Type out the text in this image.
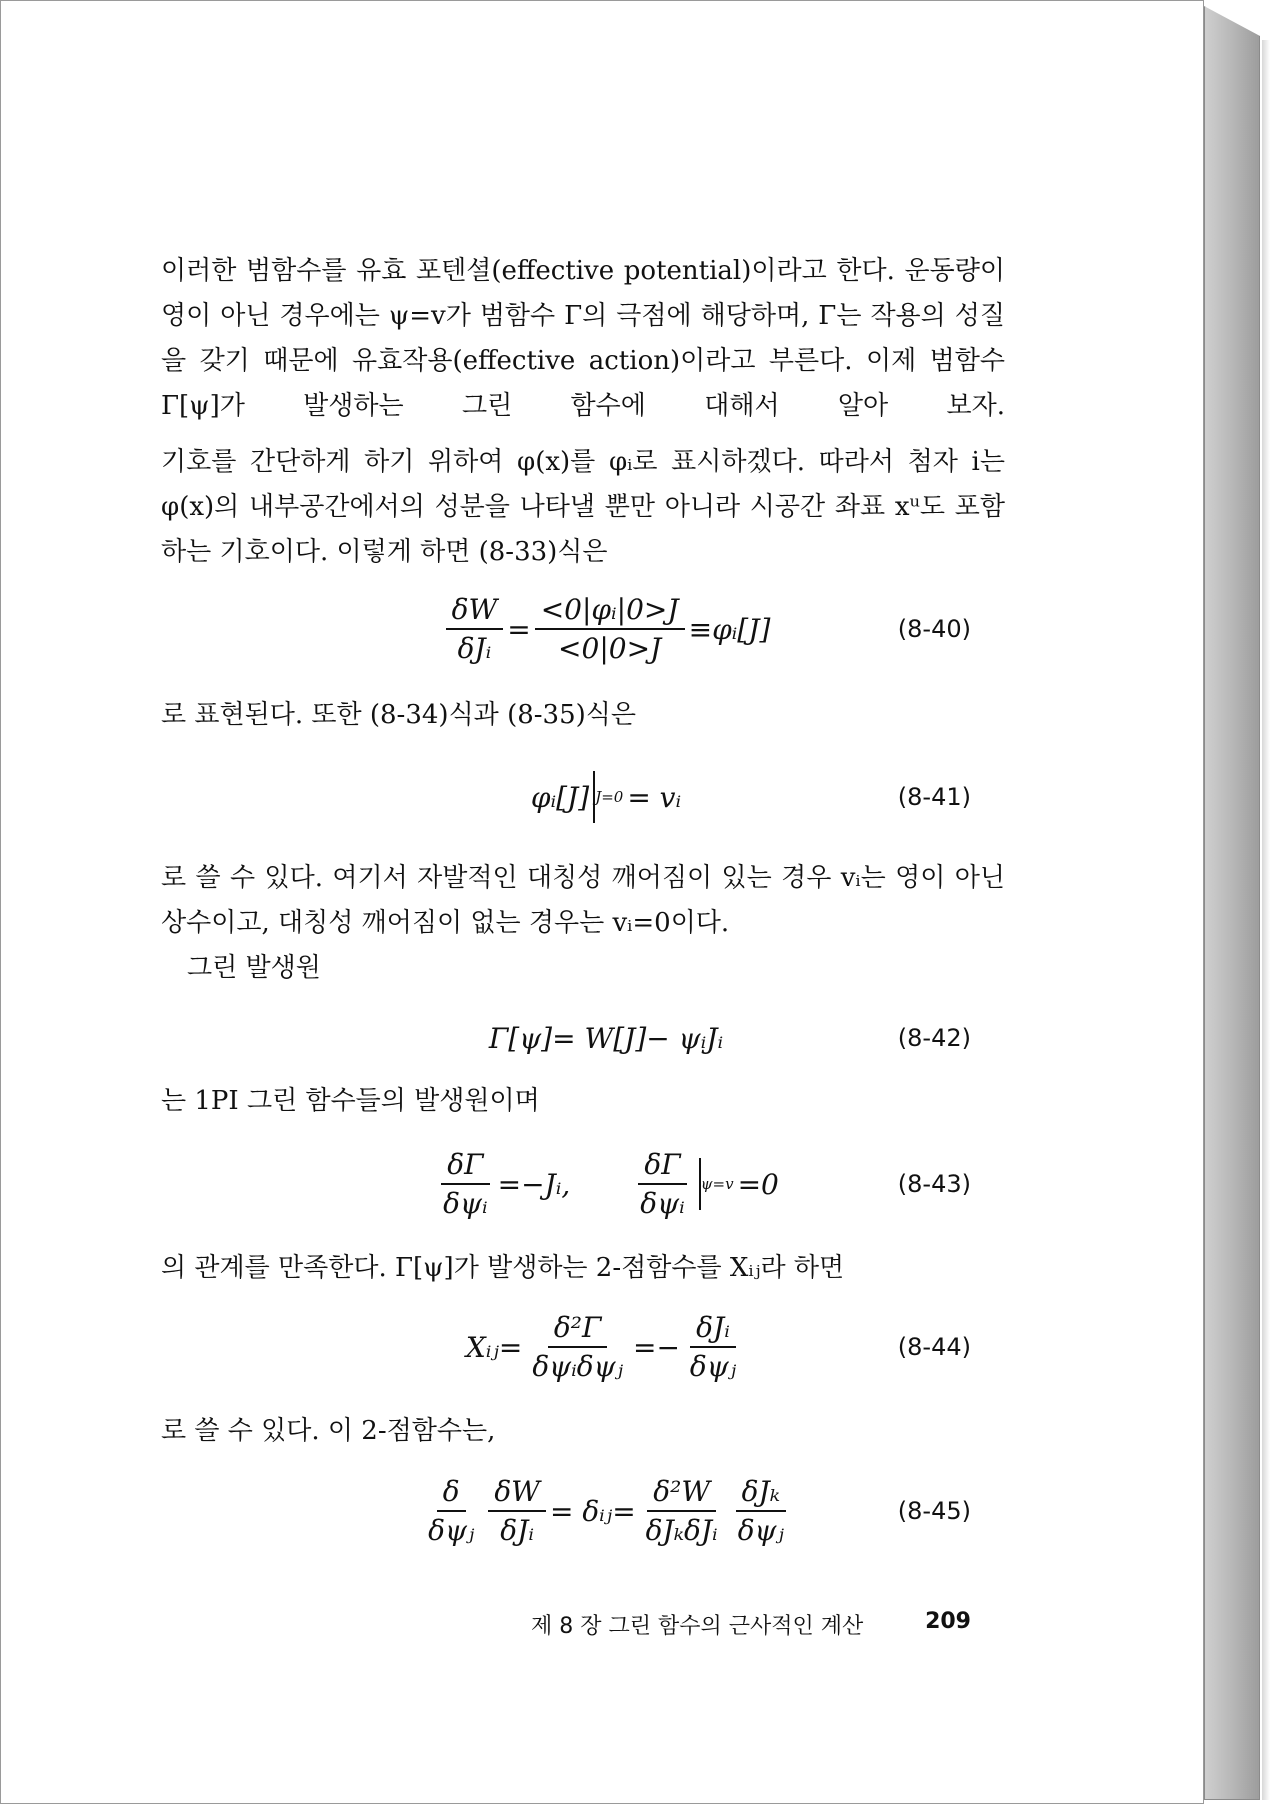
이러한 범함수를 유효 포텐셜(effective potential)이라고 한다. 운동량이 영이 아닌 경우에는 ψ=v가 범함수 Γ의 극점에 해당하며, Γ는 작용의 성질을 갖기 때문에 유효작용(effective action)이라고 부른다. 이제 범함수 Γ[ψ]가 발생하는 그린 함수에 대해서 알아 보자.
기호를 간단하게 하기 위하여 φ(x)를 φᵢ로 표시하겠다. 따라서 첨자 i는 φ(x)의 내부공간에서의 성분을 나타낼 뿐만 아니라 시공간 좌표 xᵘ도 포함하는 기호이다. 이렇게 하면 (8-33)식은
$\frac{\delta W}{\text{δJᵢ}} = \frac{\text{<0|φᵢ|0>J}}{<0|0>J}$ ≡φᵢ[J]	(8-40)
로 표현된다. 또한 (8-34)식과 (8-35)식은
φᵢ[J] J=0 = vᵢ	(8-41)
로 쓸 수 있다. 여기서 자발적인 대칭성 깨어짐이 있는 경우 vᵢ는 영이 아닌 상수이고, 대칭성 깨어짐이 없는 경우는 vᵢ=0이다.
그린 발생원
Γ[ψ]= W[J]− ψᵢJᵢ	(8-42)
는 1PI 그린 함수들의 발생원이며
$\frac{\delta\Gamma}{\text{δψᵢ}}$ =−Jᵢ, $\frac{\delta\Gamma}{\text{δψᵢ}} \psi=v =0$	(8-43)
의 관계를 만족한다. Γ[ψ]가 발생하는 2-점함수를 Xᵢⱼ라 하면
Xᵢⱼ= $\frac{\text{δ²Γ}}{\text{δψᵢδψⱼ}} =- \frac{\text{δJᵢ}}{\text{δψⱼ}}$	(8-44)
로 쓸 수 있다. 이 2-점함수는,
$\frac{\delta}{\text{δψⱼ}} \frac{\delta W}{\text{δJᵢ}}$ = δᵢⱼ= $\frac{\text{δ²W}}{\text{δJₖδJᵢ}} \frac{\text{δJₖ}}{\text{δψⱼ}}$	(8-45)
제 8 장 그린 함수의 근사적인 계산	209
